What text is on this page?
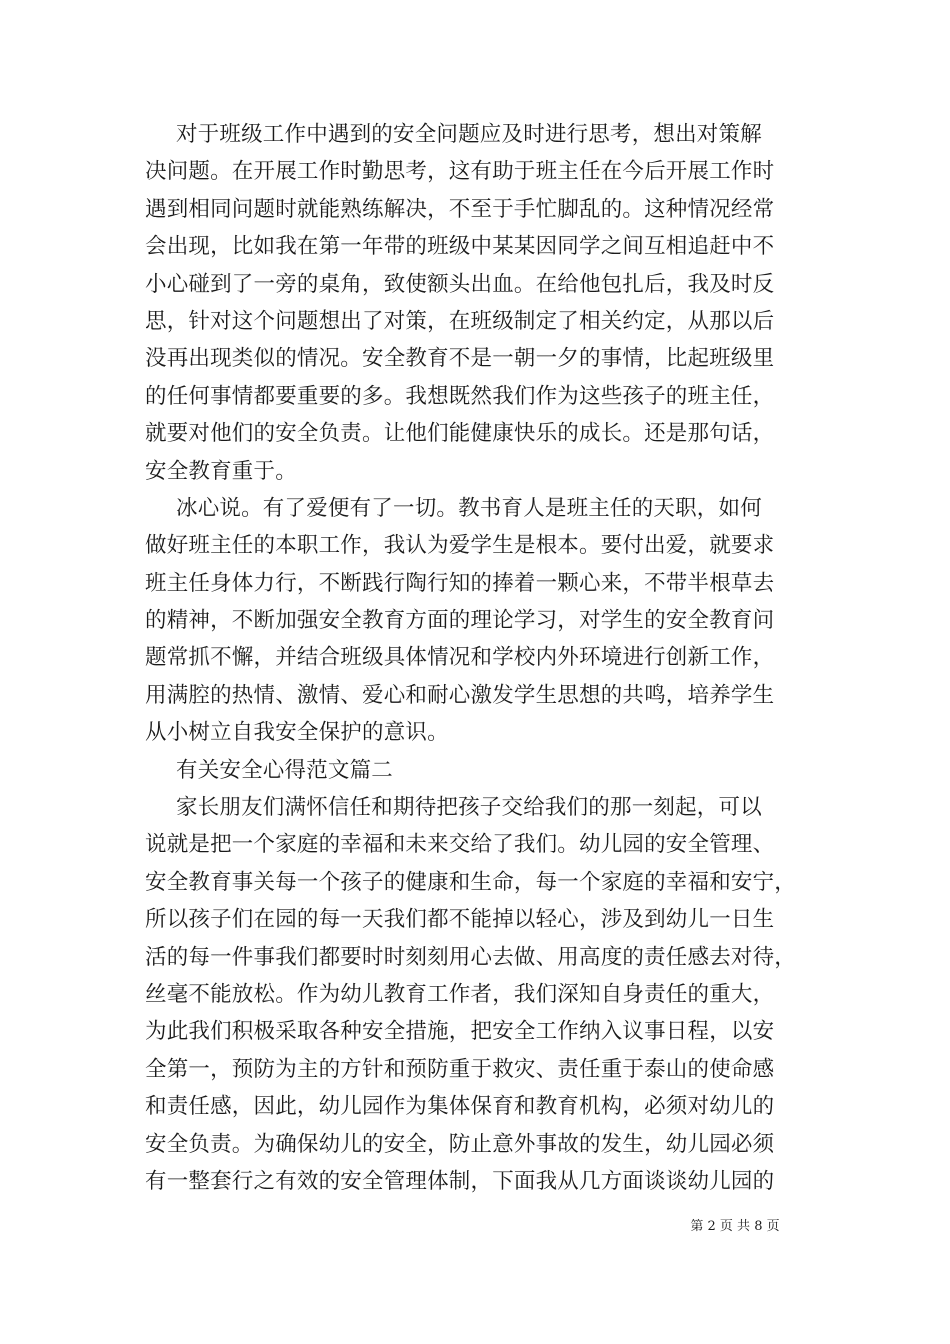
对于班级工作中遇到的安全问题应及时进行思考，想出对策解
决问题。在开展工作时勤思考，这有助于班主任在今后开展工作时
遇到相同问题时就能熟练解决，不至于手忙脚乱的。这种情况经常
会出现，比如我在第一年带的班级中某某因同学之间互相追赶中不
小心碰到了一旁的桌角，致使额头出血。在给他包扎后，我及时反
思，针对这个问题想出了对策，在班级制定了相关约定，从那以后
没再出现类似的情况。安全教育不是一朝一夕的事情，比起班级里
的任何事情都要重要的多。我想既然我们作为这些孩子的班主任，
就要对他们的安全负责。让他们能健康快乐的成长。还是那句话，
安全教育重于。
冰心说。有了爱便有了一切。教书育人是班主任的天职，如何
做好班主任的本职工作，我认为爱学生是根本。要付出爱，就要求
班主任身体力行，不断践行陶行知的捧着一颗心来，不带半根草去
的精神，不断加强安全教育方面的理论学习，对学生的安全教育问
题常抓不懈，并结合班级具体情况和学校内外环境进行创新工作，
用满腔的热情、激情、爱心和耐心激发学生思想的共鸣，培养学生
从小树立自我安全保护的意识。
有关安全心得范文篇二
家长朋友们满怀信任和期待把孩子交给我们的那一刻起，可以
说就是把一个家庭的幸福和未来交给了我们。幼儿园的安全管理、
安全教育事关每一个孩子的健康和生命，每一个家庭的幸福和安宁，
所以孩子们在园的每一天我们都不能掉以轻心，涉及到幼儿一日生
活的每一件事我们都要时时刻刻用心去做、用高度的责任感去对待，
丝毫不能放松。作为幼儿教育工作者，我们深知自身责任的重大，
为此我们积极采取各种安全措施，把安全工作纳入议事日程，以安
全第一，预防为主的方针和预防重于救灾、责任重于泰山的使命感
和责任感，因此，幼儿园作为集体保育和教育机构，必须对幼儿的
安全负责。为确保幼儿的安全，防止意外事故的发生，幼儿园必须
有一整套行之有效的安全管理体制，下面我从几方面谈谈幼儿园的
第 2 页 共 8 页
